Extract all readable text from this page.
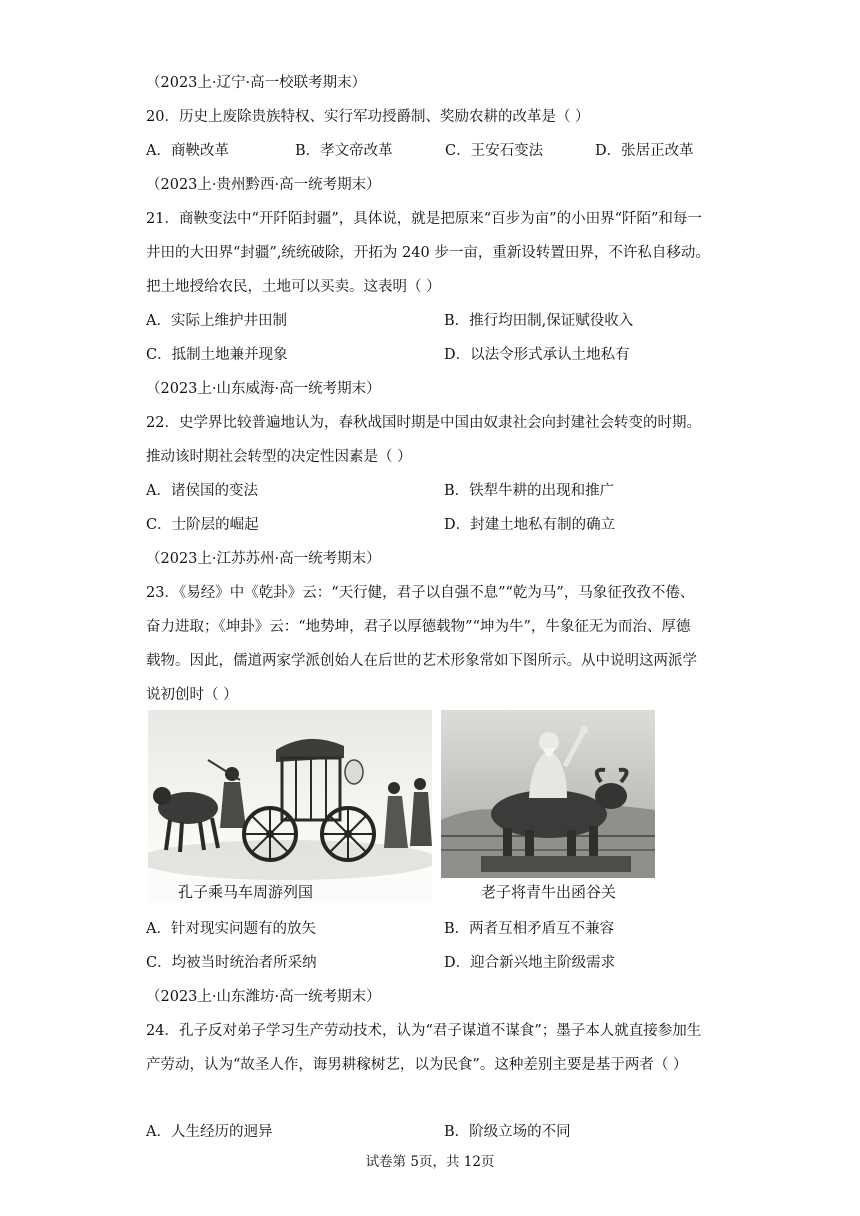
（2023上·辽宁·高一校联考期末）
20．历史上废除贵族特权、实行军功授爵制、奖励农耕的改革是（ ）
A．商鞅改革	B．孝文帝改革	C．王安石变法	D．张居正改革
（2023上·贵州黔西·高一统考期末）
21．商鞅变法中“开阡陌封疆”，具体说，就是把原来“百步为亩”的小田界“阡陌”和每一
井田的大田界“封疆”,统统破除，开拓为 240 步一亩，重新设转置田界，不许私自移动。
把土地授给农民，土地可以买卖。这表明（ ）
A．实际上维护井田制	B．推行均田制,保证赋役收入
C．抵制土地兼并现象	D．以法令形式承认土地私有
（2023上·山东威海·高一统考期末）
22．史学界比较普遍地认为，春秋战国时期是中国由奴隶社会向封建社会转变的时期。
推动该时期社会转型的决定性因素是（ ）
A．诸侯国的变法	B．铁犁牛耕的出现和推广
C．士阶层的崛起	D．封建土地私有制的确立
（2023上·江苏苏州·高一统考期末）
23．《易经》中《乾卦》云：“天行健，君子以自强不息”“乾为马”，马象征孜孜不倦、
奋力进取；《坤卦》云：“地势坤，君子以厚德载物”“坤为牛”，牛象征无为而治、厚德
载物。因此，儒道两家学派创始人在后世的艺术形象常如下图所示。从中说明这两派学
说初创时（ ）
孔子乘马车周游列国	老子将青牛出函谷关
A．针对现实问题有的放矢	B．两者互相矛盾互不兼容
C．均被当时统治者所采纳	D．迎合新兴地主阶级需求
（2023上·山东潍坊·高一统考期末）
24．孔子反对弟子学习生产劳动技术，认为“君子谋道不谋食”；墨子本人就直接参加生
产劳动，认为“故圣人作，诲男耕稼树艺，以为民食”。这种差别主要是基于两者（ ）
A．人生经历的迥异	B．阶级立场的不同
试卷第 5页，共 12页
